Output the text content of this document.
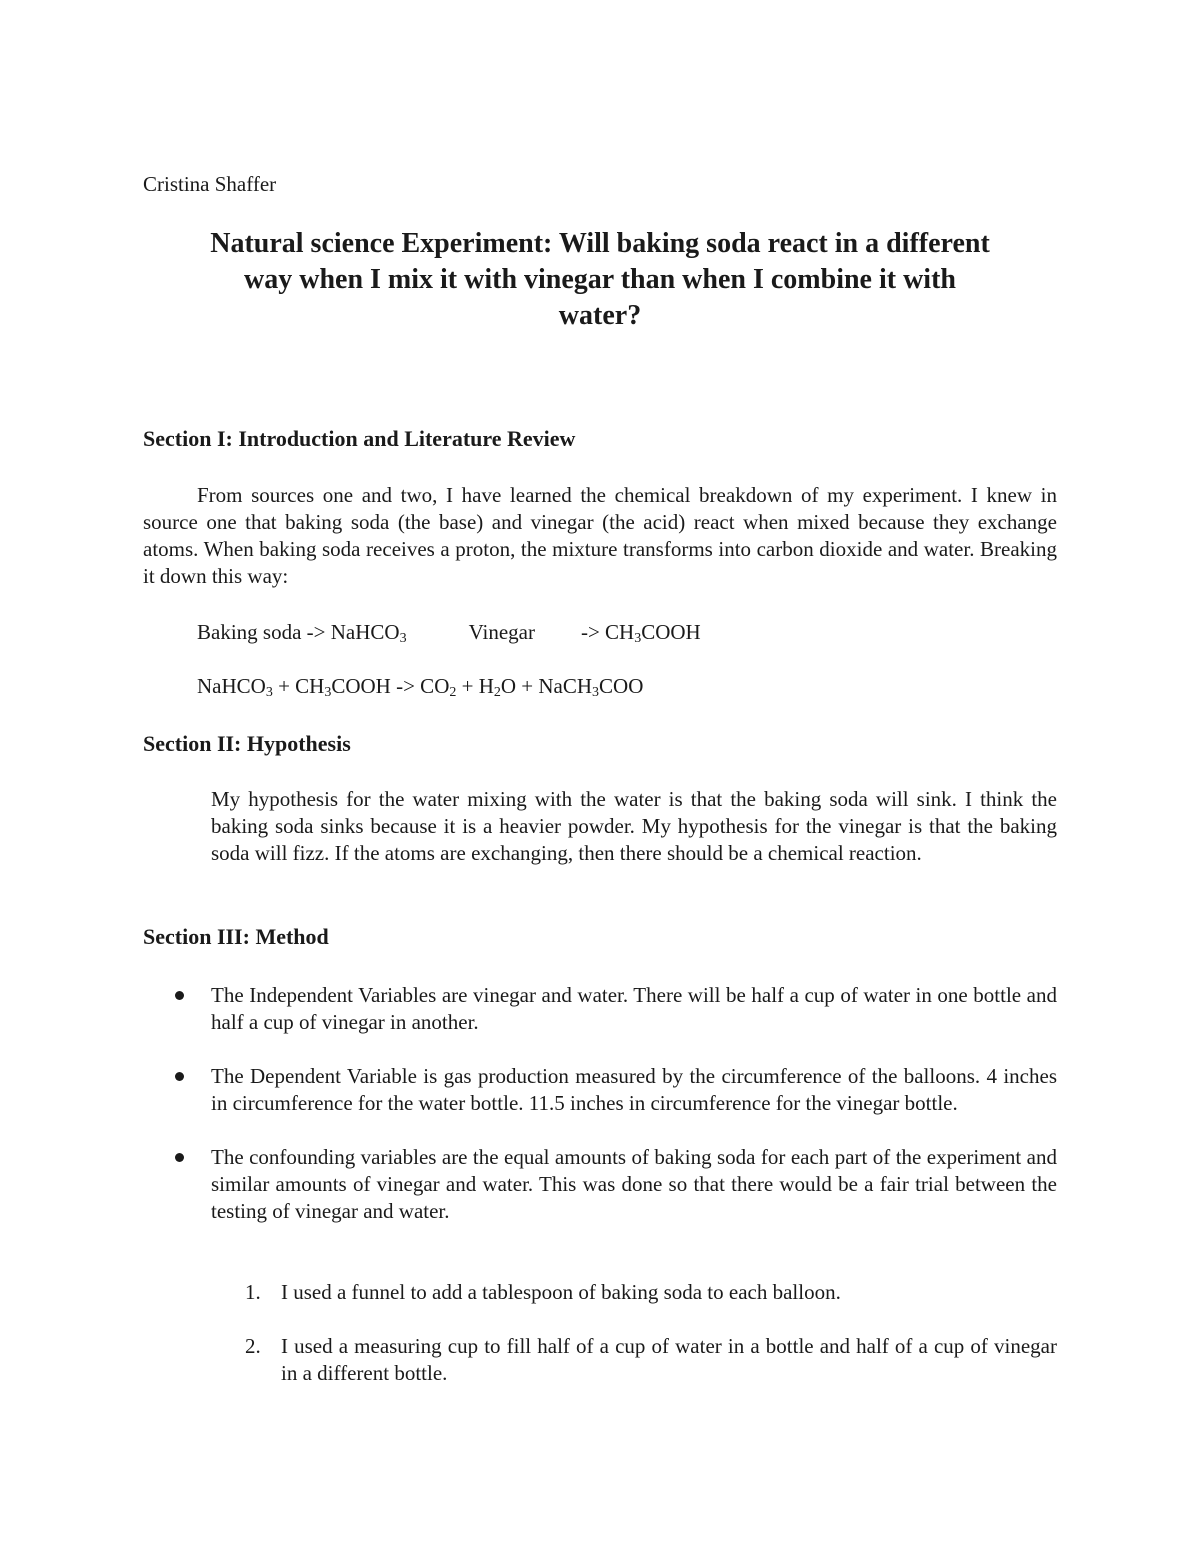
Cristina Shaffer

Natural science Experiment: Will baking soda react in a different
way when I mix it with vinegar than when I combine it with
water?
Section I: Introduction and Literature Review

From sources one and two, I have learned the chemical breakdown of my experiment. I knew in source one that baking soda (the base) and vinegar (the acid) react when mixed because they exchange atoms. When baking soda receives a proton, the mixture transforms into carbon dioxide and water. Breaking it down this way:

Baking soda -> NaHCO$_3$	Vinegar -> $CH_3COOH$

NaHCO$_3$ + $CH_3COOH -> CO_2 + H_2O$ + NaCH$_3$COO

Section II: Hypothesis

My hypothesis for the water mixing with the water is that the baking soda will sink. I think the baking soda sinks because it is a heavier powder. My hypothesis for the vinegar is that the baking soda will fizz. If the atoms are exchanging, then there should be a chemical reaction.

Section III: Method
The Independent Variables are vinegar and water. There will be half a cup of water in one bottle and half a cup of vinegar in another.
The Dependent Variable is gas production measured by the circumference of the balloons. 4 inches in circumference for the water bottle. 11.5 inches in circumference for the vinegar bottle.
The confounding variables are the equal amounts of baking soda for each part of the experiment and similar amounts of vinegar and water. This was done so that there would be a fair trial between the testing of vinegar and water.
1. I used a funnel to add a tablespoon of baking soda to each balloon.
2. I used a measuring cup to fill half of a cup of water in a bottle and half of a cup of vinegar in a different bottle.
